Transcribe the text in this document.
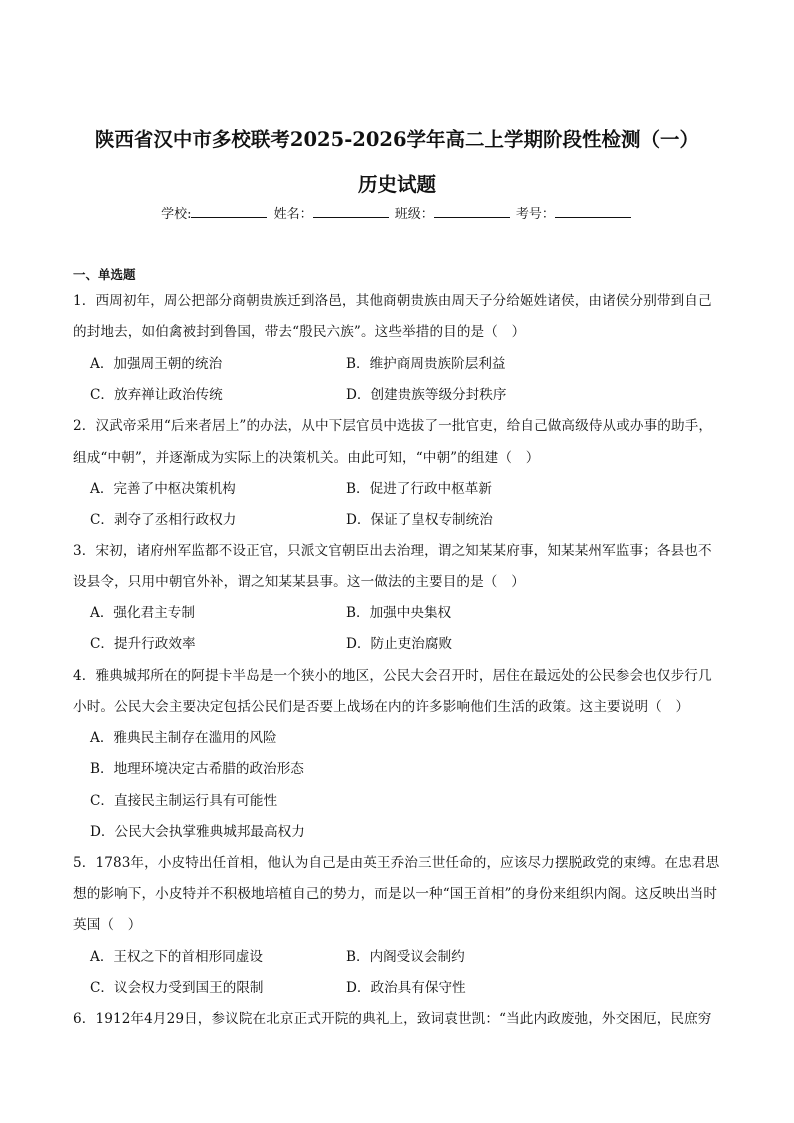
陕西省汉中市多校联考2025-2026学年高二上学期阶段性检测（一）
历史试题
学校:	姓名：	班级：	考号：
一、单选题
1．西周初年，周公把部分商朝贵族迁到洛邑，其他商朝贵族由周天子分给姬姓诸侯，由诸侯分别带到自己
的封地去，如伯禽被封到鲁国，带去“殷民六族”。这些举措的目的是（　）
A．加强周王朝的统治	B．维护商周贵族阶层利益
C．放弃禅让政治传统	D．创建贵族等级分封秩序
2．汉武帝采用“后来者居上”的办法，从中下层官员中选拔了一批官吏，给自己做高级侍从或办事的助手，
组成“中朝”，并逐渐成为实际上的决策机关。由此可知，“中朝”的组建（　）
A．完善了中枢决策机构	B．促进了行政中枢革新
C．剥夺了丞相行政权力	D．保证了皇权专制统治
3．宋初，诸府州军监都不设正官，只派文官朝臣出去治理，谓之知某某府事，知某某州军监事；各县也不
设县令，只用中朝官外补，谓之知某某县事。这一做法的主要目的是（　）
A．强化君主专制	B．加强中央集权
C．提升行政效率	D．防止吏治腐败
4．雅典城邦所在的阿提卡半岛是一个狭小的地区，公民大会召开时，居住在最远处的公民参会也仅步行几
小时。公民大会主要决定包括公民们是否要上战场在内的许多影响他们生活的政策。这主要说明（　）
A．雅典民主制存在滥用的风险
B．地理环境决定古希腊的政治形态
C．直接民主制运行具有可能性
D．公民大会执掌雅典城邦最高权力
5．1783年，小皮特出任首相，他认为自己是由英王乔治三世任命的，应该尽力摆脱政党的束缚。在忠君思
想的影响下，小皮特并不积极地培植自己的势力，而是以一种“国王首相”的身份来组织内阁。这反映出当时
英国（　）
A．王权之下的首相形同虚设	B．内阁受议会制约
C．议会权力受到国王的限制	D．政治具有保守性
6．1912年4月29日，参议院在北京正式开院的典礼上，致词袁世凯：“当此内政废弛，外交困厄，民庶穷
